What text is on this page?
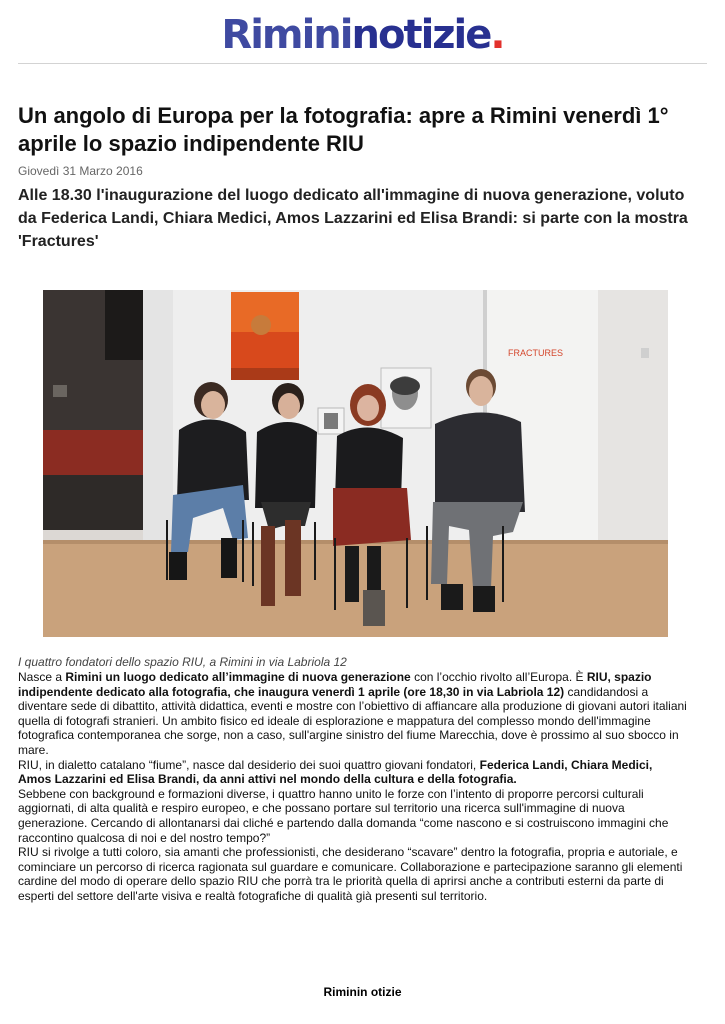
Rimininotizie.
Un angolo di Europa per la fotografia: apre a Rimini venerdì 1° aprile lo spazio indipendente RIU
Giovedì 31 Marzo 2016
Alle 18.30 l'inaugurazione del luogo dedicato all'immagine di nuova generazione, voluto da Federica Landi, Chiara Medici, Amos Lazzarini ed Elisa Brandi: si parte con la mostra 'Fractures'
FRACTURES
I quattro fondatori dello spazio RIU, a Rimini in via Labriola 12

Nasce a Rimini un luogo dedicato all’immagine di nuova generazione con l’occhio rivolto all’Europa. È RIU, spazio indipendente dedicato alla fotografia, che inaugura venerdì 1 aprile (ore 18,30 in via Labriola 12) candidandosi a diventare sede di dibattito, attività didattica, eventi e mostre con l’obiettivo di affiancare alla produzione di giovani autori italiani quella di fotografi stranieri. Un ambito fisico ed ideale di esplorazione e mappatura del complesso mondo dell'immagine fotografica contemporanea che sorge, non a caso, sull'argine sinistro del fiume Marecchia, dove è prossimo al suo sbocco in mare.

RIU, in dialetto catalano “fiume”, nasce dal desiderio dei suoi quattro giovani fondatori, Federica Landi, Chiara Medici, Amos Lazzarini ed Elisa Brandi, da anni attivi nel mondo della cultura e della fotografia.

Sebbene con background e formazioni diverse, i quattro hanno unito le forze con l’intento di proporre percorsi culturali aggiornati, di alta qualità e respiro europeo, e che possano portare sul territorio una ricerca sull'immagine di nuova generazione. Cercando di allontanarsi dai cliché e partendo dalla domanda “come nascono e si costruiscono immagini che raccontino qualcosa di noi e del nostro tempo?”

RIU si rivolge a tutti coloro, sia amanti che professionisti, che desiderano “scavare” dentro la fotografia, propria e autoriale, e cominciare un percorso di ricerca ragionata sul guardare e comunicare. Collaborazione e partecipazione saranno gli elementi cardine del modo di operare dello spazio RIU che porrà tra le priorità quella di aprirsi anche a contributi esterni da parte di esperti del settore dell'arte visiva e realtà fotografiche di qualità già presenti sul territorio.

Riminin otizie
